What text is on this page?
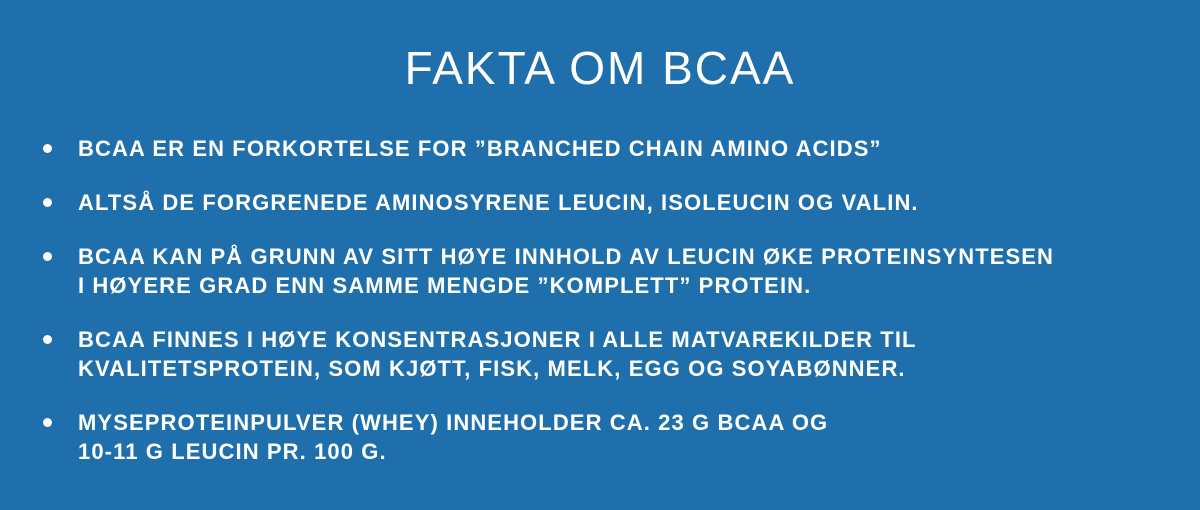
FAKTA OM BCAA
BCAA ER EN FORKORTELSE FOR ”BRANCHED CHAIN AMINO ACIDS”
ALTSÅ DE FORGRENEDE AMINOSYRENE LEUCIN, ISOLEUCIN OG VALIN.
BCAA KAN PÅ GRUNN AV SITT HØYE INNHOLD AV LEUCIN ØKE PROTEINSYNTESEN
I HØYERE GRAD ENN SAMME MENGDE ”KOMPLETT” PROTEIN.
BCAA FINNES I HØYE KONSENTRASJONER I ALLE MATVAREKILDER TIL
KVALITETSPROTEIN, SOM KJØTT, FISK, MELK, EGG OG SOYABØNNER.
MYSEPROTEINPULVER (WHEY) INNEHOLDER CA. 23 G BCAA OG
10-11 G LEUCIN PR. 100 G.
